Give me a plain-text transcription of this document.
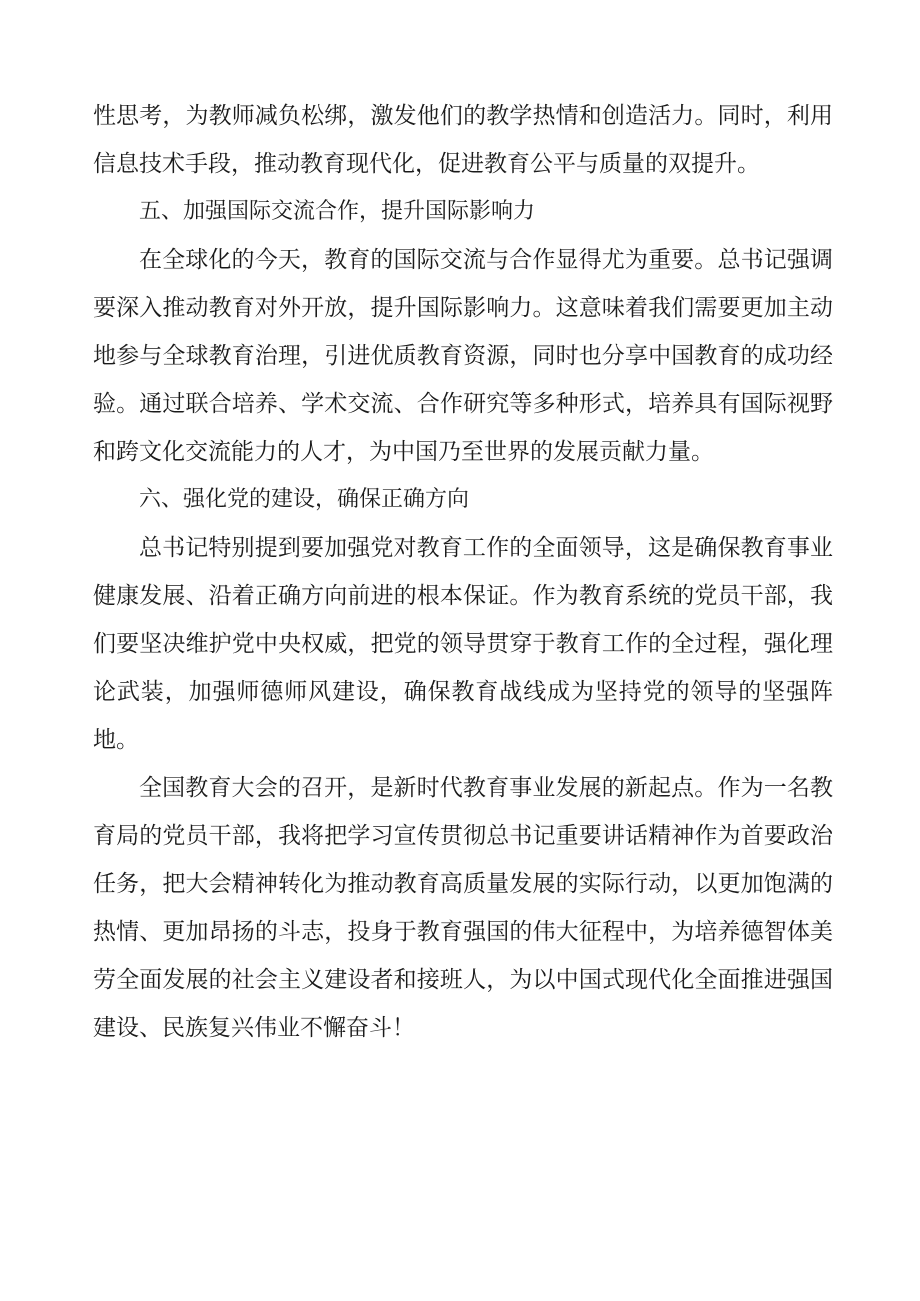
性思考，为教师减负松绑，激发他们的教学热情和创造活力。同时，利用信息技术手段，推动教育现代化，促进教育公平与质量的双提升。

五、加强国际交流合作，提升国际影响力

在全球化的今天，教育的国际交流与合作显得尤为重要。总书记强调要深入推动教育对外开放，提升国际影响力。这意味着我们需要更加主动地参与全球教育治理，引进优质教育资源，同时也分享中国教育的成功经验。通过联合培养、学术交流、合作研究等多种形式，培养具有国际视野和跨文化交流能力的人才，为中国乃至世界的发展贡献力量。

六、强化党的建设，确保正确方向

总书记特别提到要加强党对教育工作的全面领导，这是确保教育事业健康发展、沿着正确方向前进的根本保证。作为教育系统的党员干部，我们要坚决维护党中央权威，把党的领导贯穿于教育工作的全过程，强化理论武装，加强师德师风建设，确保教育战线成为坚持党的领导的坚强阵地。

全国教育大会的召开，是新时代教育事业发展的新起点。作为一名教育局的党员干部，我将把学习宣传贯彻总书记重要讲话精神作为首要政治任务，把大会精神转化为推动教育高质量发展的实际行动，以更加饱满的热情、更加昂扬的斗志，投身于教育强国的伟大征程中，为培养德智体美劳全面发展的社会主义建设者和接班人，为以中国式现代化全面推进强国建设、民族复兴伟业不懈奋斗！
